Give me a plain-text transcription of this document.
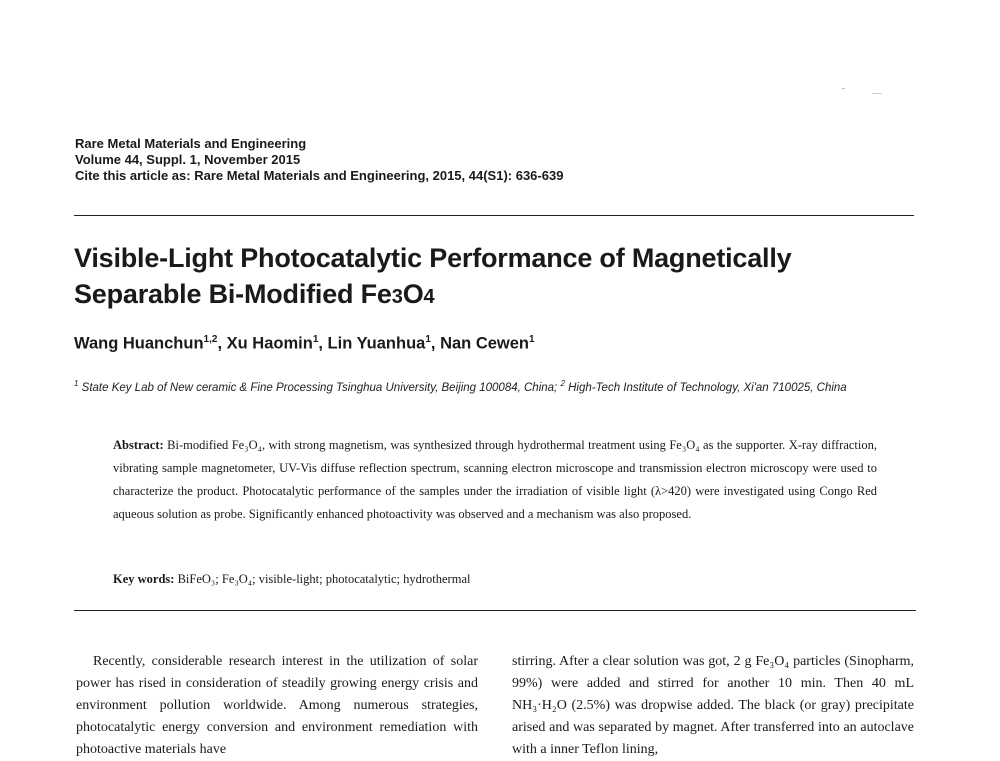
Rare Metal Materials and Engineering
Volume 44, Suppl. 1, November 2015
Cite this article as: Rare Metal Materials and Engineering, 2015, 44(S1): 636-639
Visible-Light Photocatalytic Performance of Magnetically
Separable Bi-Modified Fe3O4
Wang Huanchun$^{1,2}$, Xu Haomin$^1$, Lin Yuanhua$^1$, Nan Cewen$^1$
$^1$ State Key Lab of New ceramic & Fine Processing Tsinghua University, Beijing 100084, China; $^2$ High-Tech Institute of Technology, Xi'an 710025, China
Abstract: Bi-modified Fe₃O₄, with strong magnetism, was synthesized through hydrothermal treatment using Fe₃O₄ as the supporter. X-ray diffraction, vibrating sample magnetometer, UV-Vis diffuse reflection spectrum, scanning electron microscope and transmission electron microscopy were used to characterize the product. Photocatalytic performance of the samples under the irradiation of visible light (λ>420) were investigated using Congo Red aqueous solution as probe. Significantly enhanced photoactivity was observed and a mechanism was also proposed.
Key words: BiFeO₃; Fe₃O₄; visible-light; photocatalytic; hydrothermal
Recently, considerable research interest in the utilization of solar power has rised in consideration of steadily growing energy crisis and environment pollution worldwide. Among numerous strategies, photocatalytic energy conversion and environment remediation with photoactive materials have
stirring. After a clear solution was got, 2 g Fe₃O₄ particles (Sinopharm, 99%) were added and stirred for another 10 min. Then 40 mL NH₃·H₂O (2.5%) was dropwise added. The black (or gray) precipitate arised and was separated by magnet. After transferred into an autoclave with a inner Teflon lining,
